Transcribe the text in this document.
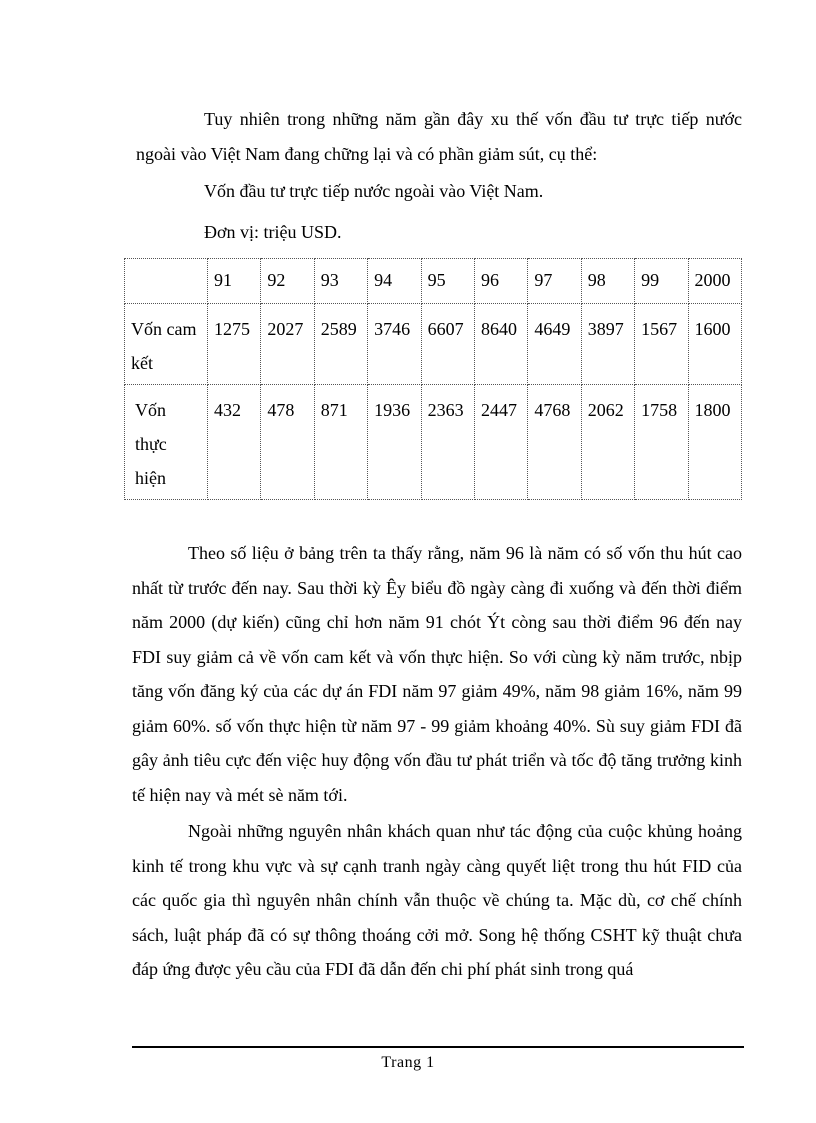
Tuy nhiên trong những năm gần đây xu thế vốn đầu tư trực tiếp nước ngoài vào Việt Nam đang chững lại và có phần giảm sút, cụ thể:

Vốn đầu tư trực tiếp nước ngoài vào Việt Nam.

Đơn vị: triệu USD.

	91	92	93	94	95	96	97	98	99	2000
Vốn cam kết	1275	2027	2589	3746	6607	8640	4649	3897	1567	1600
Vốn thực hiện	432	478	871	1936	2363	2447	4768	2062	1758	1800

Theo số liệu ở bảng trên ta thấy rằng, năm 96 là năm có số vốn thu hút cao nhất từ trước đến nay. Sau thời kỳ Êy biểu đồ ngày càng đi xuống và đến thời điểm năm 2000 (dự kiến) cũng chỉ hơn năm 91 chót Ýt còng sau thời điểm 96 đến nay FDI suy giảm cả về vốn cam kết và vốn thực hiện. So với cùng kỳ năm trước, nbịp tăng vốn đăng ký của các dự án FDI năm 97 giảm 49%, năm 98 giảm 16%, năm 99 giảm 60%. số vốn thực hiện từ năm 97 - 99 giảm khoảng 40%. Sù suy giảm FDI đã gây ảnh tiêu cực đến việc huy động vốn đầu tư phát triển và tốc độ tăng trưởng kinh tế hiện nay và mét sè năm tới.

Ngoài những nguyên nhân khách quan như tác động của cuộc khủng hoảng kinh tế trong khu vực và sự cạnh tranh ngày càng quyết liệt trong thu hút FID của các quốc gia thì nguyên nhân chính vẫn thuộc về chúng ta. Mặc dù, cơ chế chính sách, luật pháp đã có sự thông thoáng cởi mở. Song hệ thống CSHT kỹ thuật chưa đáp ứng được yêu cầu của FDI đã dẫn đến chi phí phát sinh trong quá

Trang 1
